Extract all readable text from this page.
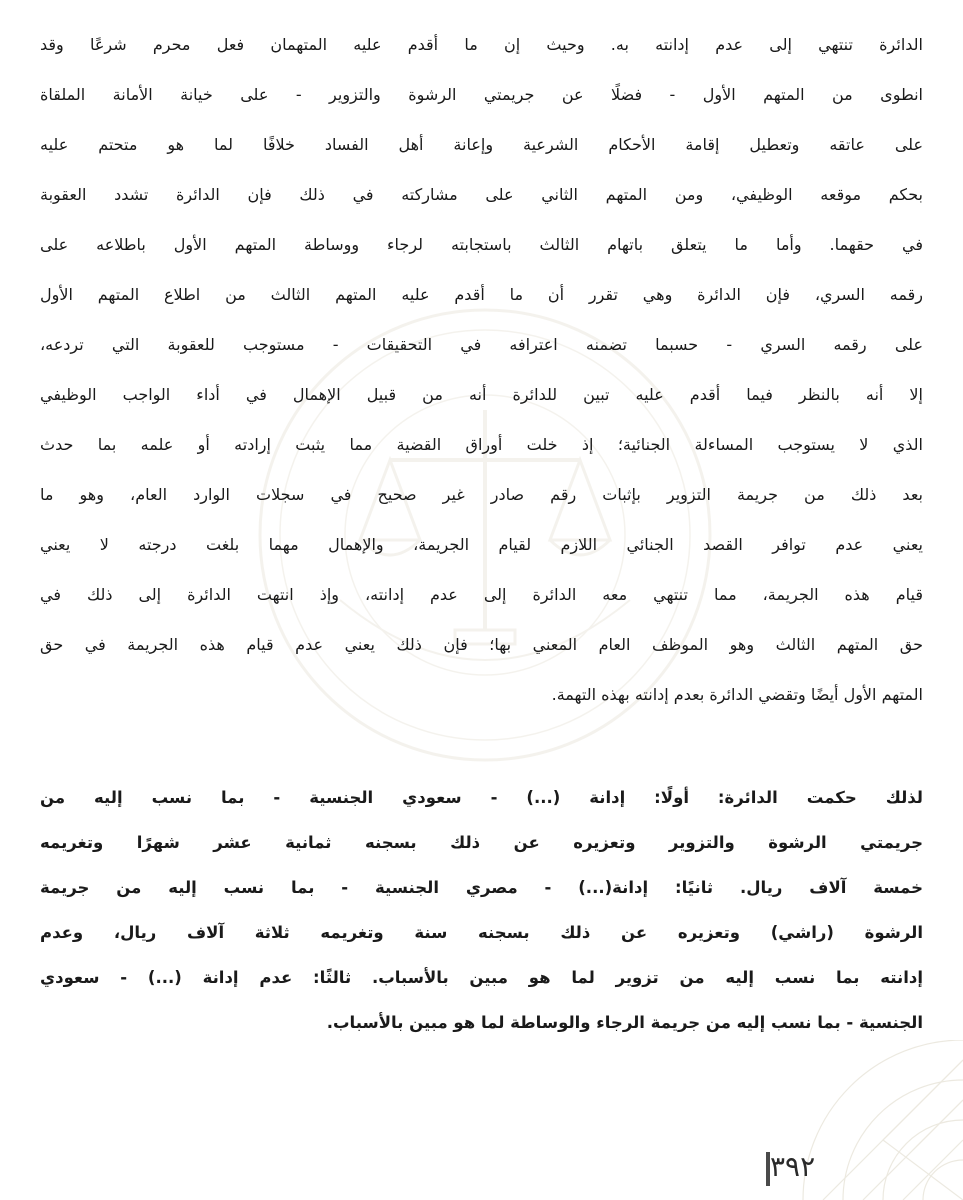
الدائرة تنتهي إلى عدم إدانته به. وحيث إن ما أقدم عليه المتهمان فعل محرم شرعًا وقد
انطوى من المتهم الأول - فضلًا عن جريمتي الرشوة والتزوير - على خيانة الأمانة الملقاة
على عاتقه وتعطيل إقامة الأحكام الشرعية وإعانة أهل الفساد خلافًا لما هو متحتم عليه
بحكم موقعه الوظيفي، ومن المتهم الثاني على مشاركته في ذلك فإن الدائرة تشدد العقوبة
في حقهما. وأما ما يتعلق باتهام الثالث باستجابته لرجاء ووساطة المتهم الأول باطلاعه على
رقمه السري، فإن الدائرة وهي تقرر أن ما أقدم عليه المتهم الثالث من اطلاع المتهم الأول
على رقمه السري - حسبما تضمنه اعترافه في التحقيقات - مستوجب للعقوبة التي تردعه،
إلا أنه بالنظر فيما أقدم عليه تبين للدائرة أنه من قبيل الإهمال في أداء الواجب الوظيفي
الذي لا يستوجب المساءلة الجنائية؛ إذ خلت أوراق القضية مما يثبت إرادته أو علمه بما حدث
بعد ذلك من جريمة التزوير بإثبات رقم صادر غير صحيح في سجلات الوارد العام، وهو ما
يعني عدم توافر القصد الجنائي اللازم لقيام الجريمة، والإهمال مهما بلغت درجته لا يعني
قيام هذه الجريمة، مما تنتهي معه الدائرة إلى عدم إدانته، وإذ انتهت الدائرة إلى ذلك في
حق المتهم الثالث وهو الموظف العام المعني بها؛ فإن ذلك يعني عدم قيام هذه الجريمة في حق
المتهم الأول أيضًا وتقضي الدائرة بعدم إدانته بهذه التهمة.
لذلك حكمت الدائرة: أولًا: إدانة (...) - سعودي الجنسية - بما نسب إليه من
جريمتي الرشوة والتزوير وتعزيره عن ذلك بسجنه ثمانية عشر شهرًا وتغريمه
خمسة آلاف ريال. ثانيًا: إدانة(...) - مصري الجنسية - بما نسب إليه من جريمة
الرشوة (راشي) وتعزيره عن ذلك بسجنه سنة وتغريمه ثلاثة آلاف ريال، وعدم
إدانته بما نسب إليه من تزوير لما هو مبين بالأسباب. ثالثًا: عدم إدانة (...) - سعودي
الجنسية - بما نسب إليه من جريمة الرجاء والوساطة لما هو مبين بالأسباب.
٣٩٢
